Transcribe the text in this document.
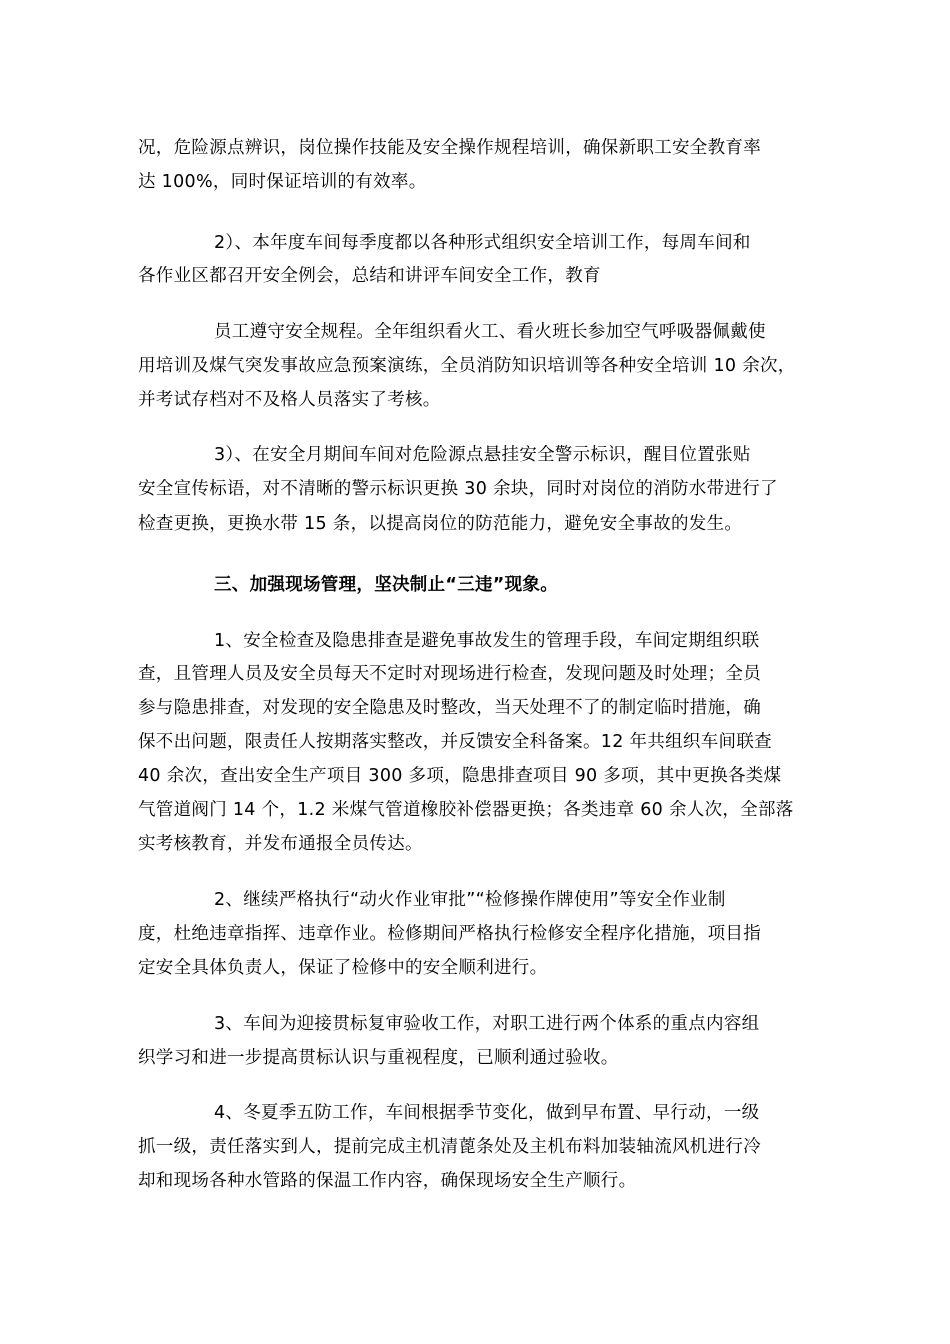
况，危险源点辨识，岗位操作技能及安全操作规程培训，确保新职工安全教育率
达 100%，同时保证培训的有效率。
2）、本年度车间每季度都以各种形式组织安全培训工作，每周车间和
各作业区都召开安全例会，总结和讲评车间安全工作，教育
员工遵守安全规程。全年组织看火工、看火班长参加空气呼吸器佩戴使
用培训及煤气突发事故应急预案演练，全员消防知识培训等各种安全培训 10 余次，
并考试存档对不及格人员落实了考核。
3）、在安全月期间车间对危险源点悬挂安全警示标识，醒目位置张贴
安全宣传标语，对不清晰的警示标识更换 30 余块，同时对岗位的消防水带进行了
检查更换，更换水带 15 条，以提高岗位的防范能力，避免安全事故的发生。
三、加强现场管理，坚决制止“三违”现象。
1、安全检查及隐患排查是避免事故发生的管理手段，车间定期组织联
查，且管理人员及安全员每天不定时对现场进行检查，发现问题及时处理；全员
参与隐患排查，对发现的安全隐患及时整改，当天处理不了的制定临时措施，确
保不出问题，限责任人按期落实整改，并反馈安全科备案。12 年共组织车间联查
40 余次，查出安全生产项目 300 多项，隐患排查项目 90 多项，其中更换各类煤
气管道阀门 14 个，1.2 米煤气管道橡胶补偿器更换；各类违章 60 余人次，全部落
实考核教育，并发布通报全员传达。
2、继续严格执行“动火作业审批”“检修操作牌使用”等安全作业制
度，杜绝违章指挥、违章作业。检修期间严格执行检修安全程序化措施，项目指
定安全具体负责人，保证了检修中的安全顺利进行。
3、车间为迎接贯标复审验收工作，对职工进行两个体系的重点内容组
织学习和进一步提高贯标认识与重视程度，已顺利通过验收。
4、冬夏季五防工作，车间根据季节变化，做到早布置、早行动，一级
抓一级，责任落实到人，提前完成主机清蓖条处及主机布料加装轴流风机进行冷
却和现场各种水管路的保温工作内容，确保现场安全生产顺行。
